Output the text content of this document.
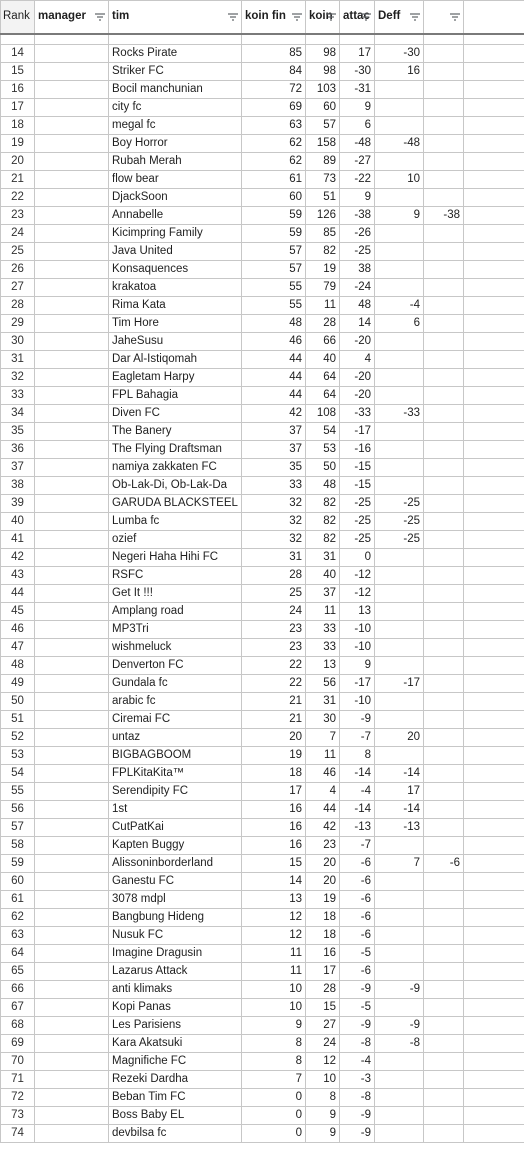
Rank	manager	tim	koin fin	koin	attac	Deff

14		Rocks Pirate	85	98	17	-30		
15		Striker FC	84	98	-30	16		
16		Bocil manchunian	72	103	-31			
17		city fc	69	60	9			
18		megal fc	63	57	6			
19		Boy Horror	62	158	-48	-48		
20		Rubah Merah	62	89	-27			
21		flow bear	61	73	-22	10		
22		DjackSoon	60	51	9			
23		Annabelle	59	126	-38	9	-38	
24		Kicimpring Family	59	85	-26			
25		Java United	57	82	-25			
26		Konsaquences	57	19	38			
27		krakatoa	55	79	-24			
28		Rima Kata	55	11	48	-4		
29		Tim Hore	48	28	14	6		
30		JaheSusu	46	66	-20			
31		Dar Al-Istiqomah	44	40	4			
32		Eagletam Harpy	44	64	-20			
33		FPL Bahagia	44	64	-20			
34		Diven FC	42	108	-33	-33		
35		The Banery	37	54	-17			
36		The Flying Draftsman	37	53	-16			
37		namiya zakkaten FC	35	50	-15			
38		Ob-Lak-Di, Ob-Lak-Da	33	48	-15			
39		GARUDA BLACKSTEEL	32	82	-25	-25		
40		Lumba fc	32	82	-25	-25		
41		ozief	32	82	-25	-25		
42		Negeri Haha Hihi FC	31	31	0			
43		RSFC	28	40	-12			
44		Get It !!!	25	37	-12			
45		Amplang road	24	11	13			
46		MP3Tri	23	33	-10			
47		wishmeluck	23	33	-10			
48		Denverton FC	22	13	9			
49		Gundala fc	22	56	-17	-17		
50		arabic fc	21	31	-10			
51		Ciremai FC	21	30	-9			
52		untaz	20	7	-7	20		
53		BIGBAGBOOM	19	11	8			
54		FPLKitaKita™	18	46	-14	-14		
55		Serendipity FC	17	4	-4	17		
56		1st	16	44	-14	-14		
57		CutPatKai	16	42	-13	-13		
58		Kapten Buggy	16	23	-7			
59		Alissoninborderland	15	20	-6	7	-6	
60		Ganestu FC	14	20	-6			
61		3078 mdpl	13	19	-6			
62		Bangbung Hideng	12	18	-6			
63		Nusuk FC	12	18	-6			
64		Imagine Dragusin	11	16	-5			
65		Lazarus Attack	11	17	-6			
66		anti klimaks	10	28	-9	-9		
67		Kopi Panas	10	15	-5			
68		Les Parisiens	9	27	-9	-9		
69		Kara Akatsuki	8	24	-8	-8		
70		Magnifiche FC	8	12	-4			
71		Rezeki Dardha	7	10	-3			
72		Beban Tim FC	0	8	-8			
73		Boss Baby EL	0	9	-9			
74		devbilsa fc	0	9	-9			
